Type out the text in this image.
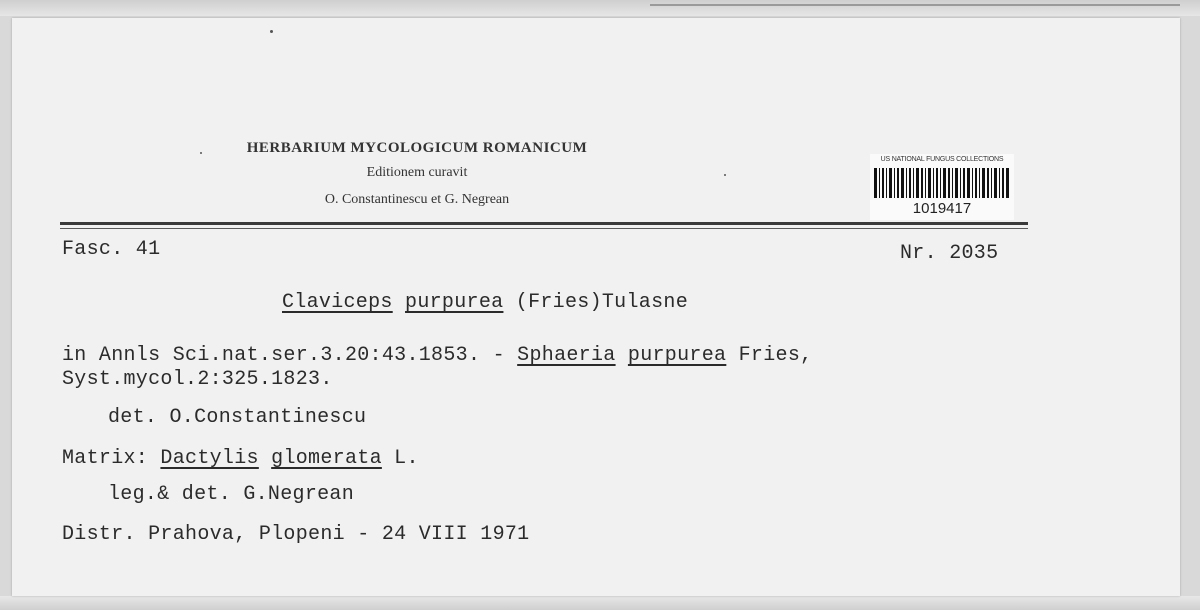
HERBARIUM MYCOLOGICUM ROMANICUM
Editionem curavit
O. Constantinescu et G. Negrean
US NATIONAL FUNGUS COLLECTIONS
1019417
Fasc. 41	Nr. 2035
Claviceps purpurea (Fries)Tulasne
in Annls Sci.nat.ser.3.20:43.1853. - Sphaeria purpurea Fries,
Syst.mycol.2:325.1823.
det. O.Constantinescu
Matrix: Dactylis glomerata L.
leg.& det. G.Negrean
Distr. Prahova, Plopeni - 24 VIII 1971
